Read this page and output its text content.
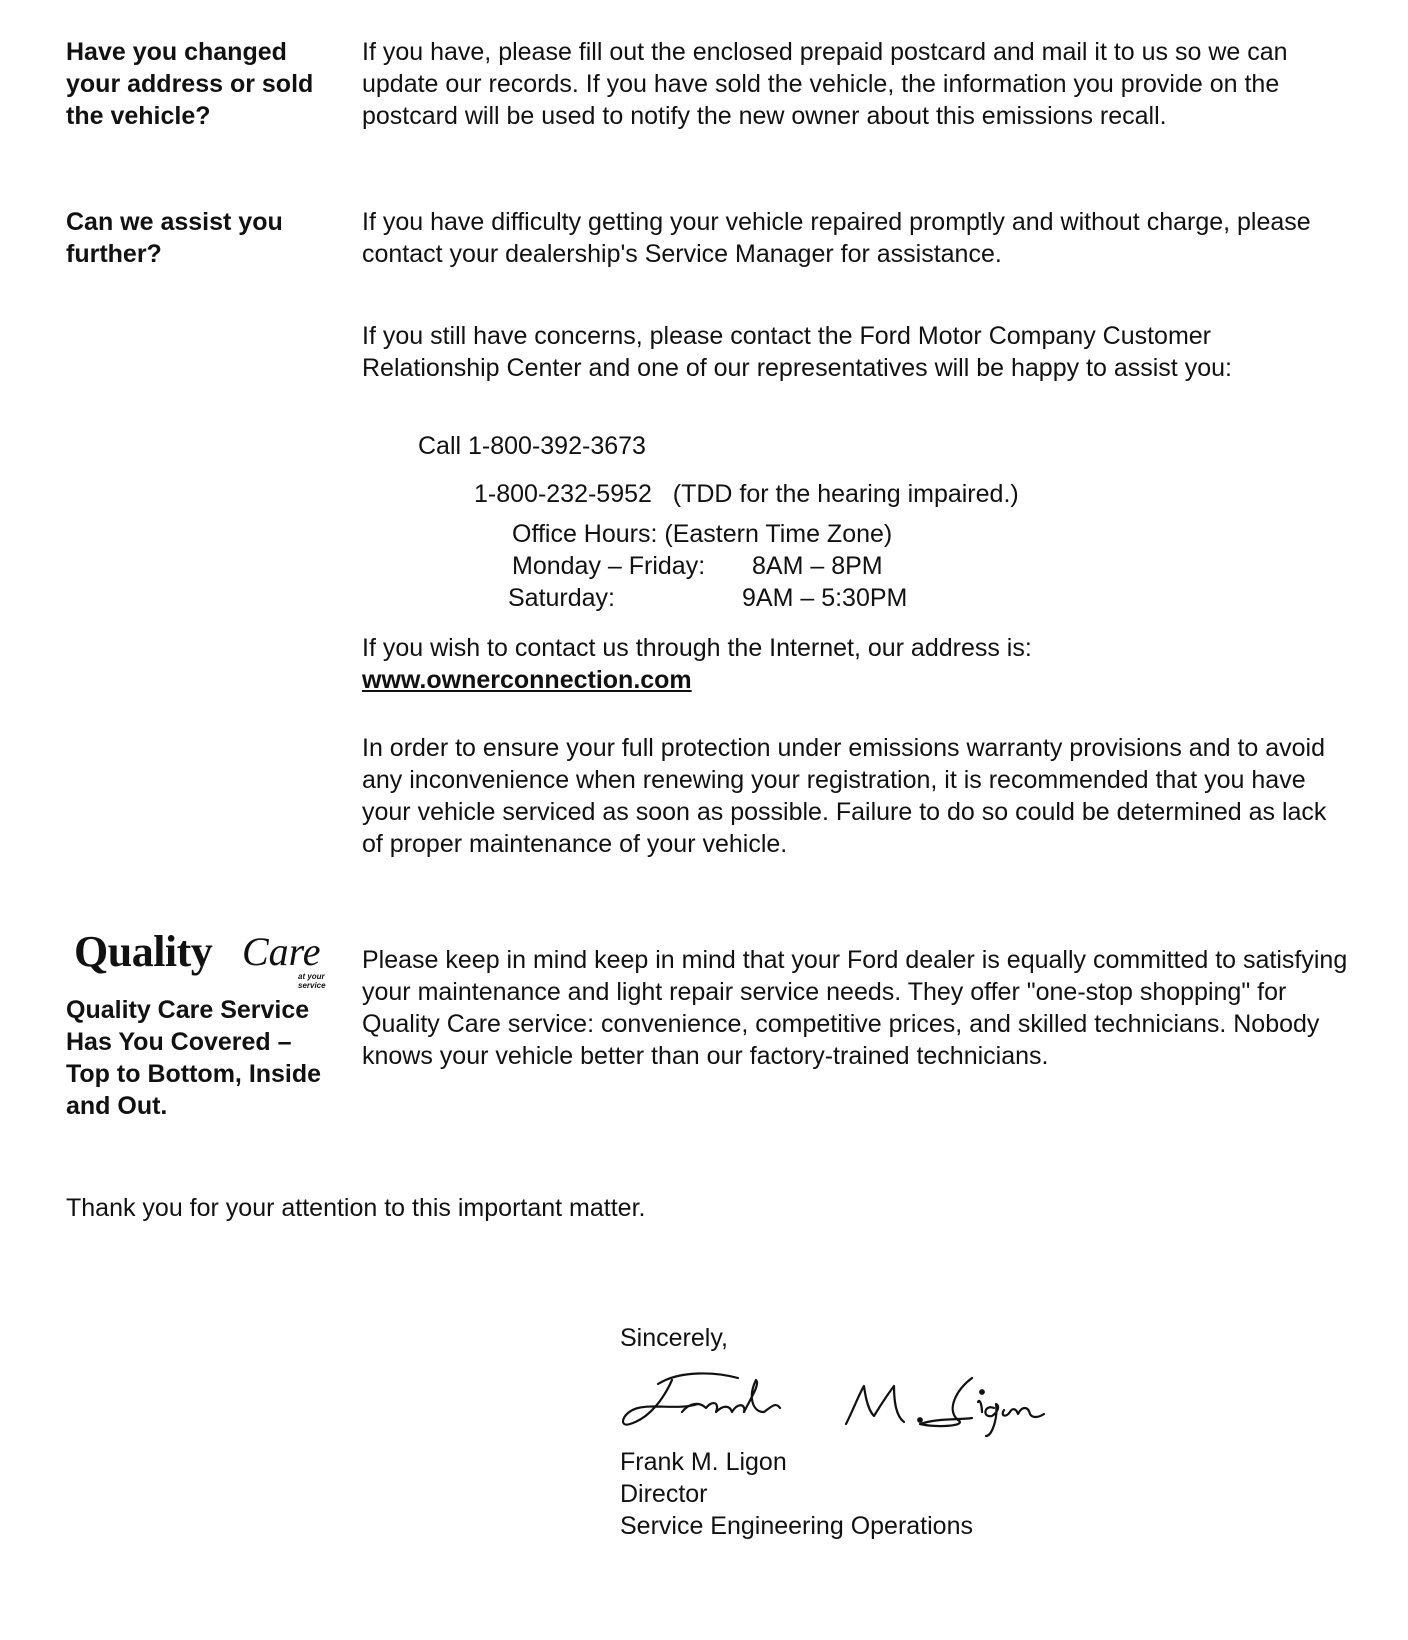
Have you changed your address or sold the vehicle?
If you have, please fill out the enclosed prepaid postcard and mail it to us so we can update our records. If you have sold the vehicle, the information you provide on the postcard will be used to notify the new owner about this emissions recall.
Can we assist you further?
If you have difficulty getting your vehicle repaired promptly and without charge, please contact your dealership's Service Manager for assistance.
If you still have concerns, please contact the Ford Motor Company Customer Relationship Center and one of our representatives will be happy to assist you:
Call 1-800-392-3673
1-800-232-5952   (TDD for the hearing impaired.)
Office Hours: (Eastern Time Zone)
Monday – Friday: 8AM – 8PM
Saturday:	9AM – 5:30PM
If you wish to contact us through the Internet, our address is:
www.ownerconnection.com
In order to ensure your full protection under emissions warranty provisions and to avoid any inconvenience when renewing your registration, it is recommended that you have your vehicle serviced as soon as possible. Failure to do so could be determined as lack of proper maintenance of your vehicle.
Quality Care
at your service
Quality Care Service Has You Covered – Top to Bottom, Inside and Out.
Please keep in mind keep in mind that your Ford dealer is equally committed to satisfying your maintenance and light repair service needs. They offer "one-stop shopping" for Quality Care service: convenience, competitive prices, and skilled technicians. Nobody knows your vehicle better than our factory-trained technicians.
Thank you for your attention to this important matter.
Sincerely,
Frank M. Ligon
Director
Service Engineering Operations
